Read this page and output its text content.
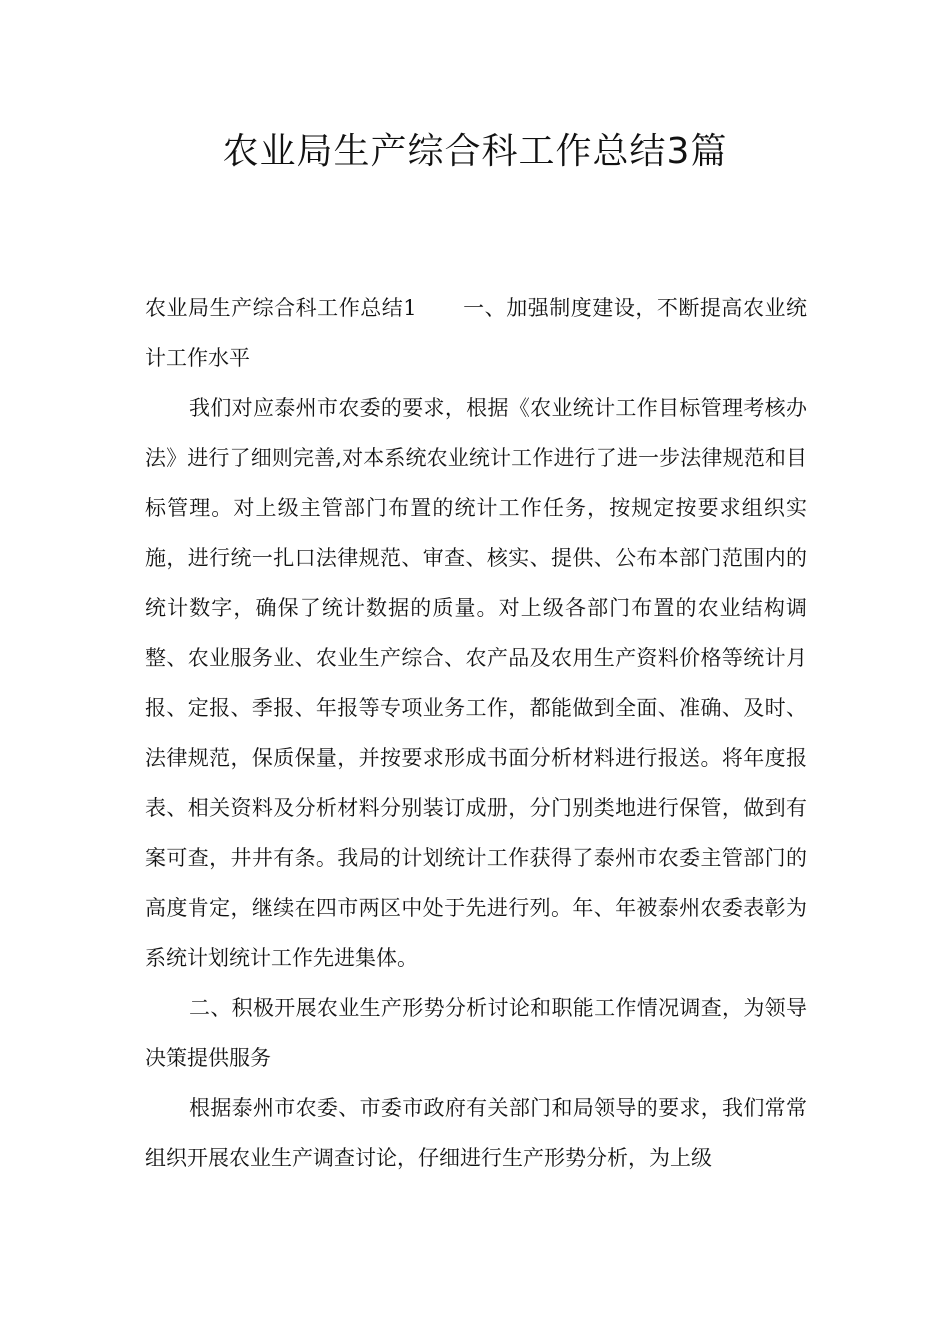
农业局生产综合科工作总结3篇

农业局生产综合科工作总结1 一、加强制度建设，不断提高农业统计工作水平

我们对应泰州市农委的要求，根据《农业统计工作目标管理考核办法》进行了细则完善,对本系统农业统计工作进行了进一步法律规范和目标管理。对上级主管部门布置的统计工作任务，按规定按要求组织实施，进行统一扎口法律规范、审查、核实、提供、公布本部门范围内的统计数字，确保了统计数据的质量。对上级各部门布置的农业结构调整、农业服务业、农业生产综合、农产品及农用生产资料价格等统计月报、定报、季报、年报等专项业务工作，都能做到全面、准确、及时、法律规范，保质保量，并按要求形成书面分析材料进行报送。将年度报表、相关资料及分析材料分别装订成册，分门别类地进行保管，做到有案可查，井井有条。我局的计划统计工作获得了泰州市农委主管部门的高度肯定，继续在四市两区中处于先进行列。年、年被泰州农委表彰为系统计划统计工作先进集体。

二、积极开展农业生产形势分析讨论和职能工作情况调查，为领导决策提供服务

根据泰州市农委、市委市政府有关部门和局领导的要求，我们常常组织开展农业生产调查讨论，仔细进行生产形势分析，为上级
